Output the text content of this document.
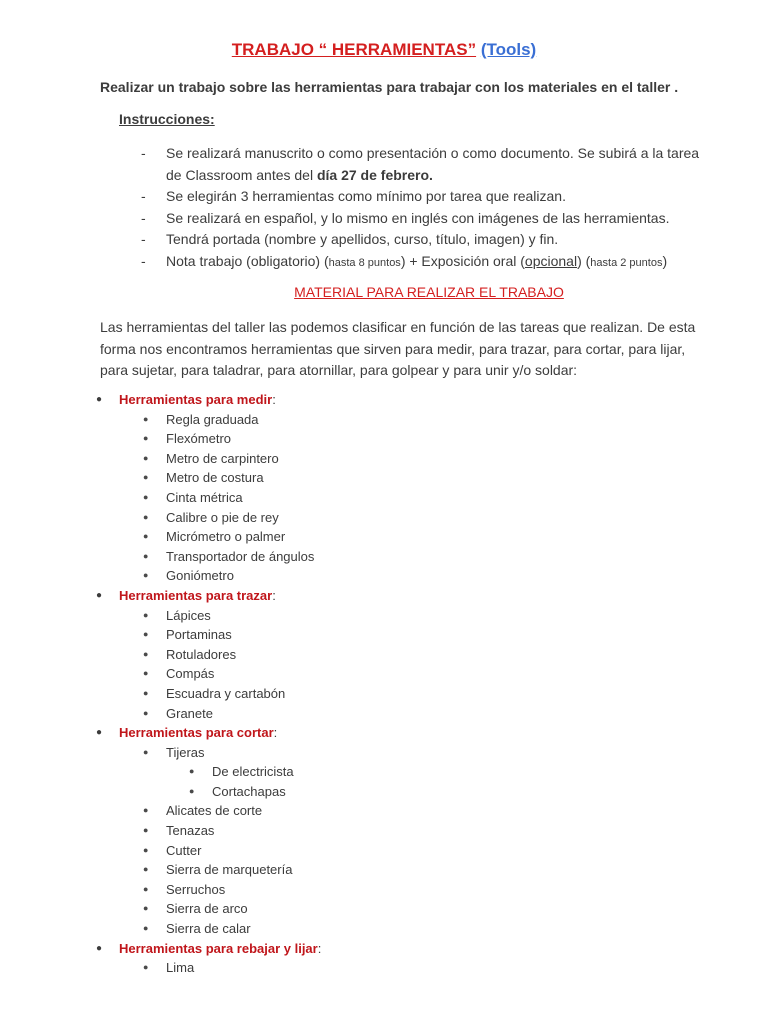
TRABAJO “ HERRAMIENTAS” (Tools)
Realizar un trabajo sobre las herramientas para trabajar con los materiales en el taller .
Instrucciones:
- Se realizará manuscrito o como presentación o como documento. Se subirá a la tarea de Classroom antes del día 27 de febrero.
- Se elegirán 3 herramientas como mínimo por tarea que realizan.
- Se realizará en español, y lo mismo en inglés con imágenes de las herramientas.
- Tendrá portada (nombre y apellidos, curso, título, imagen) y fin.
- Nota trabajo (obligatorio) (hasta 8 puntos) + Exposición oral (opcional) (hasta 2 puntos)
MATERIAL PARA REALIZAR EL TRABAJO
Las herramientas del taller las podemos clasificar en función de las tareas que realizan. De esta forma nos encontramos herramientas que sirven para medir, para trazar, para cortar, para lijar, para sujetar, para taladrar, para atornillar, para golpear y para unir y/o soldar:
● Herramientas para medir:
● Regla graduada
● Flexómetro
● Metro de carpintero
● Metro de costura
● Cinta métrica
● Calibre o pie de rey
● Micrómetro o palmer
● Transportador de ángulos
● Goniómetro
● Herramientas para trazar:
● Lápices
● Portaminas
● Rotuladores
● Compás
● Escuadra y cartabón
● Granete
● Herramientas para cortar:
● Tijeras
● De electricista
● Cortachapas
● Alicates de corte
● Tenazas
● Cutter
● Sierra de marquetería
● Serruchos
● Sierra de arco
● Sierra de calar
● Herramientas para rebajar y lijar:
● Lima
